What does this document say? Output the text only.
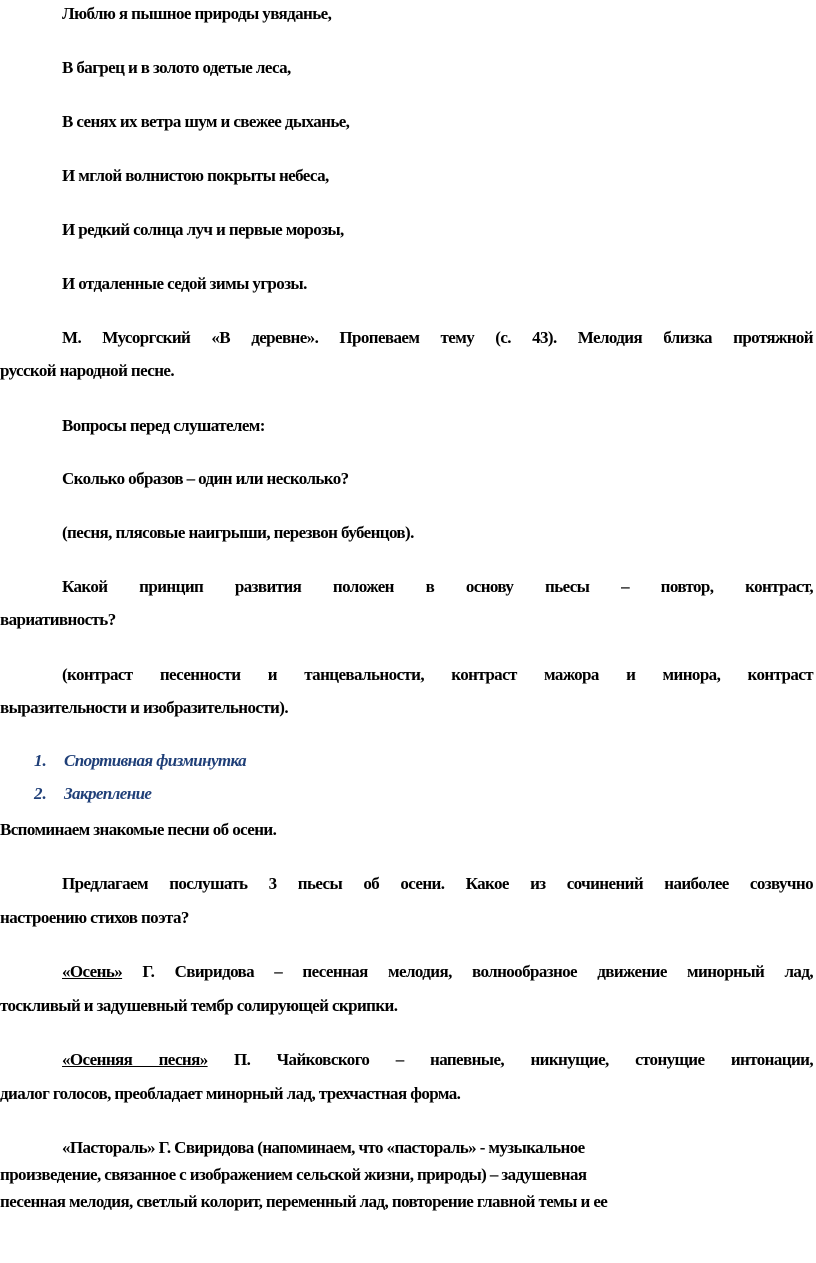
Люблю я пышное природы увяданье,
В багрец и в золото одетые леса,
В сенях их ветра шум и свежее дыханье,
И мглой волнистою покрыты небеса,
И редкий солнца луч и первые морозы,
И отдаленные седой зимы угрозы.
М. Мусоргский «В деревне». Пропеваем тему (с. 43). Мелодия близка протяжной
русской народной песне.
Вопросы перед слушателем:
Сколько образов – один или несколько?
(песня, плясовые наигрыши, перезвон бубенцов).
Какой принцип развития положен в основу пьесы – повтор, контраст,
вариативность?
(контраст песенности и танцевальности, контраст мажора и минора, контраст
выразительности и изобразительности).
1. Спортивная физминутка
2. Закрепление
Вспоминаем знакомые песни об осени.
Предлагаем послушать 3 пьесы об осени. Какое из сочинений наиболее созвучно
настроению стихов поэта?
«Осень» Г. Свиридова – песенная мелодия, волнообразное движение минорный лад,
тоскливый и задушевный тембр солирующей скрипки.
«Осенняя песня» П. Чайковского – напевные, никнущие, стонущие интонации,
диалог голосов, преобладает минорный лад, трехчастная форма.
«Пастораль» Г. Свиридова (напоминаем, что «пастораль» - музыкальное
произведение, связанное с изображением сельской жизни, природы) – задушевная
песенная мелодия, светлый колорит, переменный лад, повторение главной темы и ее
